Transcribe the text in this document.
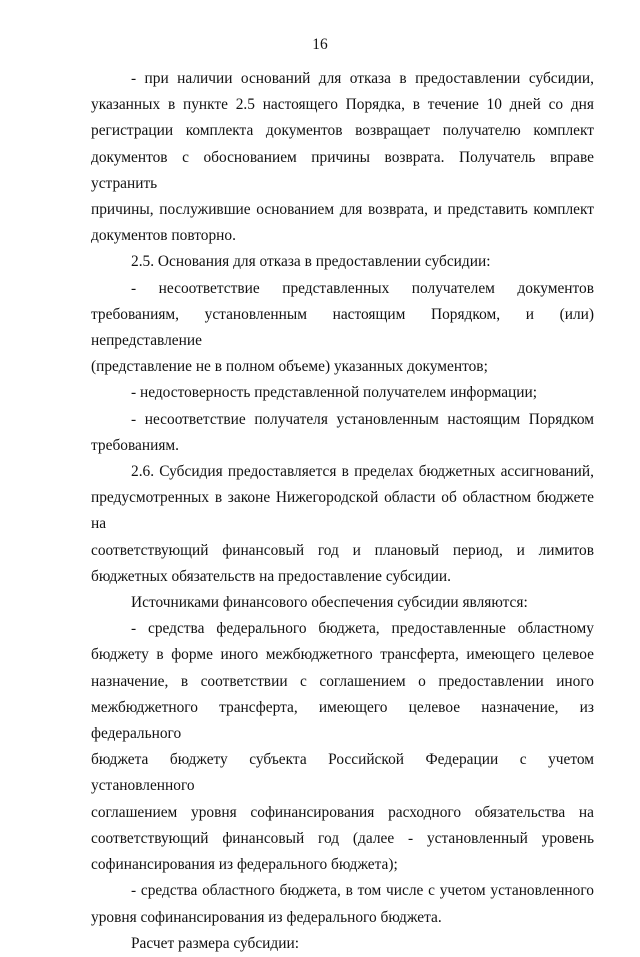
16
- при наличии оснований для отказа в предоставлении субсидии,
указанных в пункте 2.5 настоящего Порядка, в течение 10 дней со дня
регистрации комплекта документов возвращает получателю комплект
документов с обоснованием причины возврата. Получатель вправе устранить
причины, послужившие основанием для возврата, и представить комплект
документов повторно.
2.5. Основания для отказа в предоставлении субсидии:
- несоответствие представленных получателем документов
требованиям, установленным настоящим Порядком, и (или) непредставление
(представление не в полном объеме) указанных документов;
- недостоверность представленной получателем информации;
- несоответствие получателя установленным настоящим Порядком
требованиям.
2.6. Субсидия предоставляется в пределах бюджетных ассигнований,
предусмотренных в законе Нижегородской области об областном бюджете на
соответствующий финансовый год и плановый период, и лимитов
бюджетных обязательств на предоставление субсидии.
Источниками финансового обеспечения субсидии являются:
- средства федерального бюджета, предоставленные областному
бюджету в форме иного межбюджетного трансферта, имеющего целевое
назначение, в соответствии с соглашением о предоставлении иного
межбюджетного трансферта, имеющего целевое назначение, из федерального
бюджета бюджету субъекта Российской Федерации с учетом установленного
соглашением уровня софинансирования расходного обязательства на
соответствующий финансовый год (далее - установленный уровень
софинансирования из федерального бюджета);
- средства областного бюджета, в том числе с учетом установленного
уровня софинансирования из федерального бюджета.
Расчет размера субсидии:
